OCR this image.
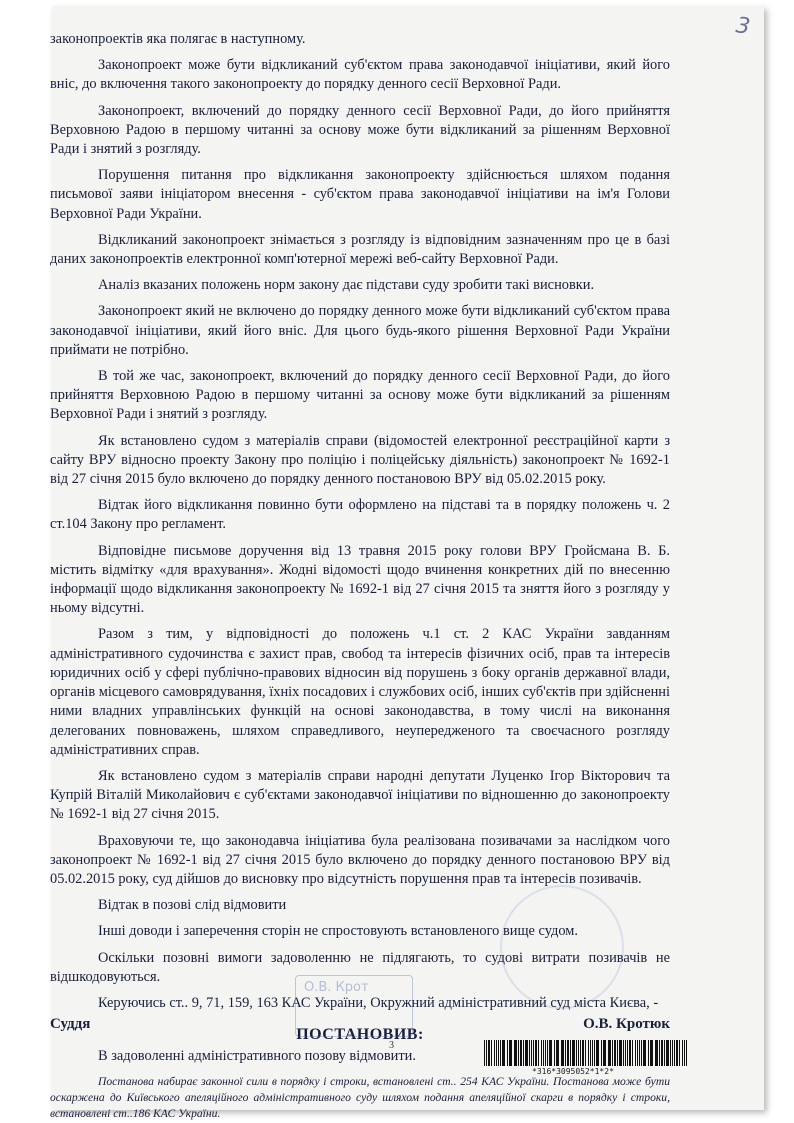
3

законопроектів яка полягає в наступному.

Законопроект може бути відкликаний суб'єктом права законодавчої ініціативи, який його вніс, до включення такого законопроекту до порядку денного сесії Верховної Ради.

Законопроект, включений до порядку денного сесії Верховної Ради, до його прийняття Верховною Радою в першому читанні за основу може бути відкликаний за рішенням Верховної Ради і знятий з розгляду.

Порушення питання про відкликання законопроекту здійснюється шляхом подання письмової заяви ініціатором внесення - суб'єктом права законодавчої ініціативи на ім'я Голови Верховної Ради України.

Відкликаний законопроект знімається з розгляду із відповідним зазначенням про це в базі даних законопроектів електронної комп'ютерної мережі веб-сайту Верховної Ради.

Аналіз вказаних положень норм закону дає підстави суду зробити такі висновки.

Законопроект який не включено до порядку денного може бути відкликаний суб'єктом права законодавчої ініціативи, який його вніс. Для цього будь-якого рішення Верховної Ради України приймати не потрібно.

В той же час, законопроект, включений до порядку денного сесії Верховної Ради, до його прийняття Верховною Радою в першому читанні за основу може бути відкликаний за рішенням Верховної Ради і знятий з розгляду.

Як встановлено судом з матеріалів справи (відомостей електронної реєстраційної карти з сайту ВРУ відносно проекту Закону про поліцію і поліцейську діяльність) законопроект № 1692-1 від 27 січня 2015 було включено до порядку денного постановою ВРУ від 05.02.2015 року.

Відтак його відкликання повинно бути оформлено на підставі та в порядку положень ч. 2 ст.104 Закону про регламент.

Відповідне письмове доручення від 13 травня 2015 року голови ВРУ Гройсмана В. Б. містить відмітку «для врахування». Жодні відомості щодо вчинення конкретних дій по внесенню інформації щодо відкликання законопроекту № 1692-1 від 27 січня 2015 та зняття його з розгляду у ньому відсутні.

Разом з тим, у відповідності до положень ч.1 ст. 2 КАС України завданням адміністративного судочинства є захист прав, свобод та інтересів фізичних осіб, прав та інтересів юридичних осіб у сфері публічно-правових відносин від порушень з боку органів державної влади, органів місцевого самоврядування, їхніх посадових і службових осіб, інших суб'єктів при здійсненні ними владних управлінських функцій на основі законодавства, в тому числі на виконання делегованих повноважень, шляхом справедливого, неупередженого та своєчасного розгляду адміністративних справ.

Як встановлено судом з матеріалів справи народні депутати Луценко Ігор Вікторович та Купрій Віталій Миколайович є суб'єктами законодавчої ініціативи по відношенню до законопроекту № 1692-1 від 27 січня 2015.

Враховуючи те, що законодавча ініціатива була реалізована позивачами за наслідком чого законопроект № 1692-1 від 27 січня 2015 було включено до порядку денного постановою ВРУ від 05.02.2015 року, суд дійшов до висновку про відсутність порушення прав та інтересів позивачів.

Відтак в позові слід відмовити

Інші доводи і заперечення сторін не спростовують встановленого вище судом.

Оскільки позовні вимоги задоволенню не підлягають, то судові витрати позивачів не відшкодовуються.

Керуючись ст.. 9, 71, 159, 163 КАС України, Окружний адміністративний суд міста Києва, -

ПОСТАНОВИВ:

В задоволенні адміністративного позову відмовити.

Постанова набирає законної сили в порядку і строки, встановлені ст.. 254 КАС України. Постанова може бути оскаржена до Київського апеляційного адміністративного суду шляхом подання апеляційної скарги в порядку і строки, встановлені ст..186 КАС України.

О.В. Крот
Суддя	О.В. Кротюк
3
*316*3095052*1*2*
